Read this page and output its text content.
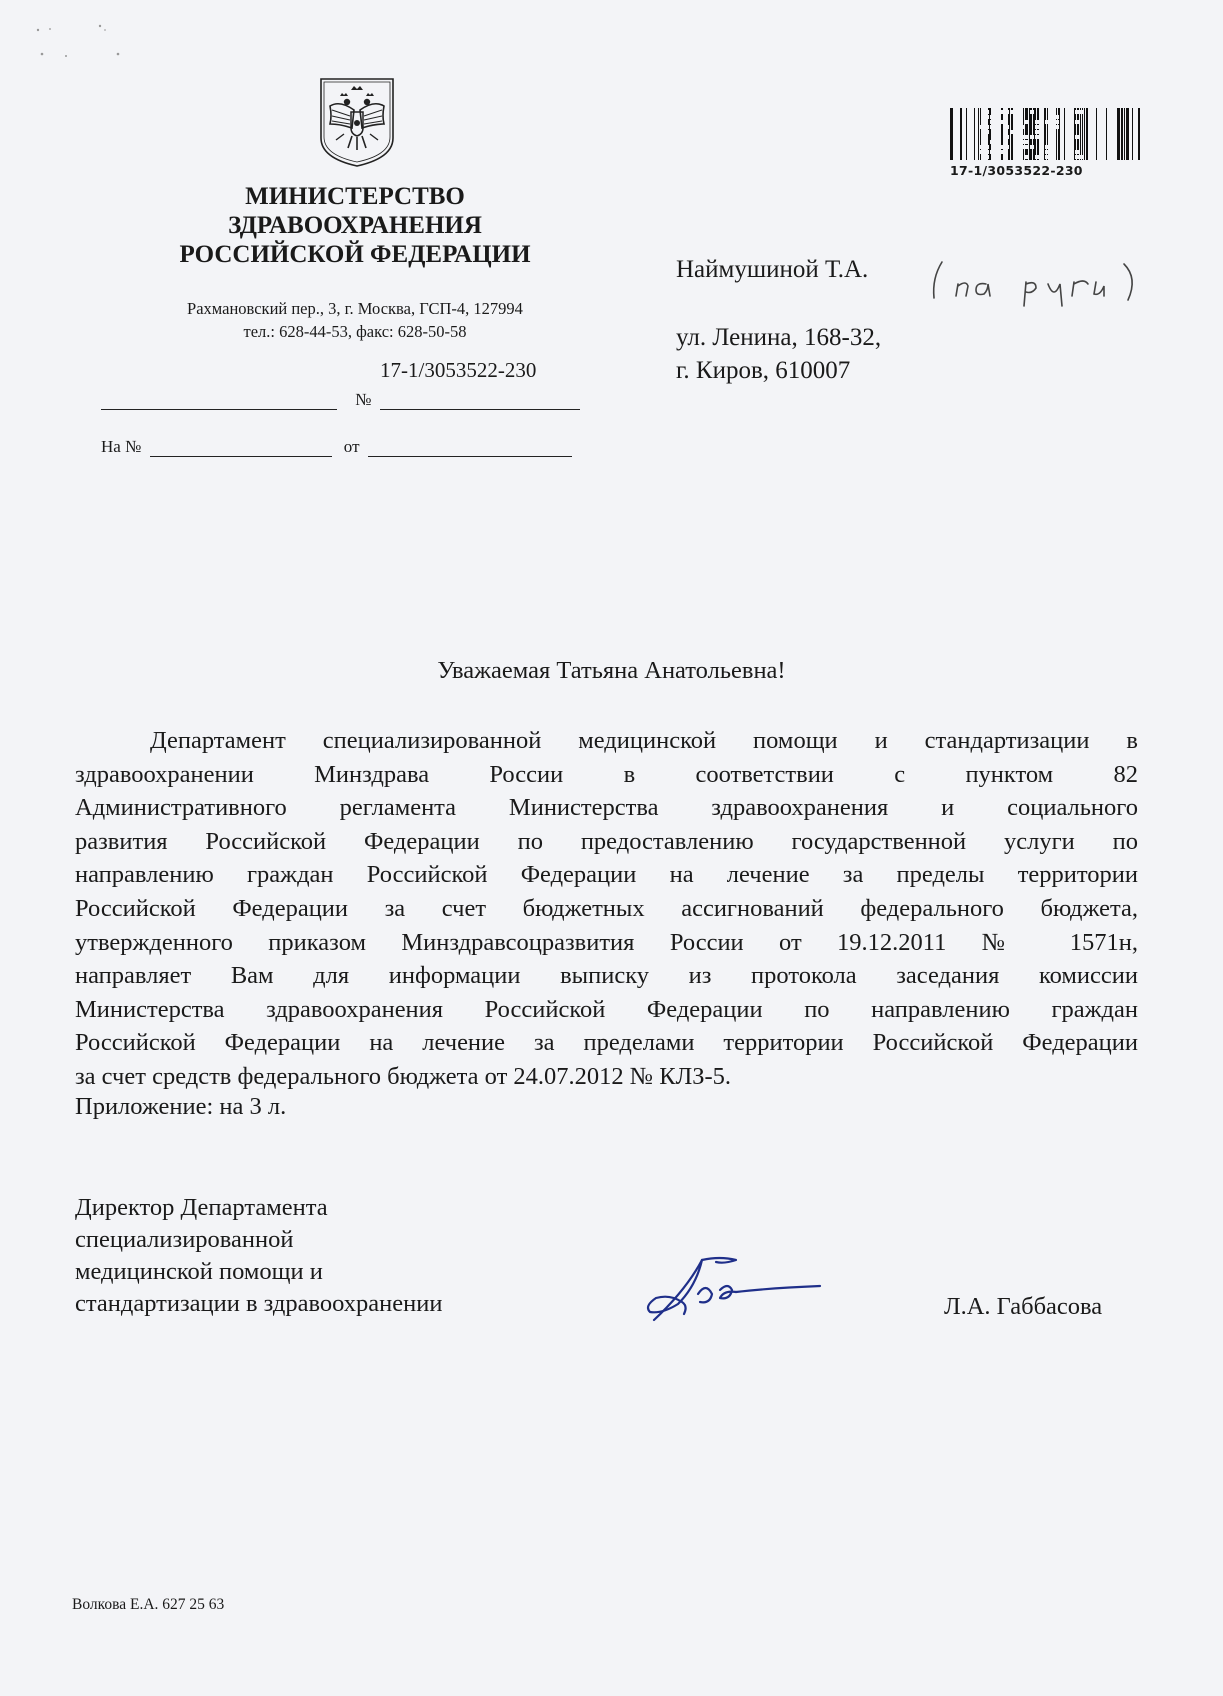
МИНИСТЕРСТВО
ЗДРАВООХРАНЕНИЯ
РОССИЙСКОЙ ФЕДЕРАЦИИ
Рахмановский пер., 3, г. Москва, ГСП-4, 127994
тел.: 628-44-53, факс: 628-50-58
17-1/3053522-230
№
На №	от
17-1/3053522-230
Наймушиной Т.А.
ул. Ленина, 168-32,
г. Киров, 610007
Уважаемая Татьяна Анатольевна!
Департамент специализированной медицинской помощи и стандартизации в
здравоохранении Минздрава России в соответствии с пунктом 82
Административного регламента Министерства здравоохранения и социального
развития Российской Федерации по предоставлению государственной услуги по
направлению граждан Российской Федерации на лечение за пределы территории
Российской Федерации за счет бюджетных ассигнований федерального бюджета,
утвержденного приказом Минздравсоцразвития России от 19.12.2011 № 1571н,
направляет Вам для информации выписку из протокола заседания комиссии
Министерства здравоохранения Российской Федерации по направлению граждан
Российской Федерации на лечение за пределами территории Российской Федерации
за счет средств федерального бюджета от 24.07.2012 № КЛЗ-5.
Приложение: на 3 л.
Директор Департамента
специализированной
медицинской помощи и
стандартизации в здравоохранении	Л.А. Габбасова
Волкова Е.А. 627 25 63
